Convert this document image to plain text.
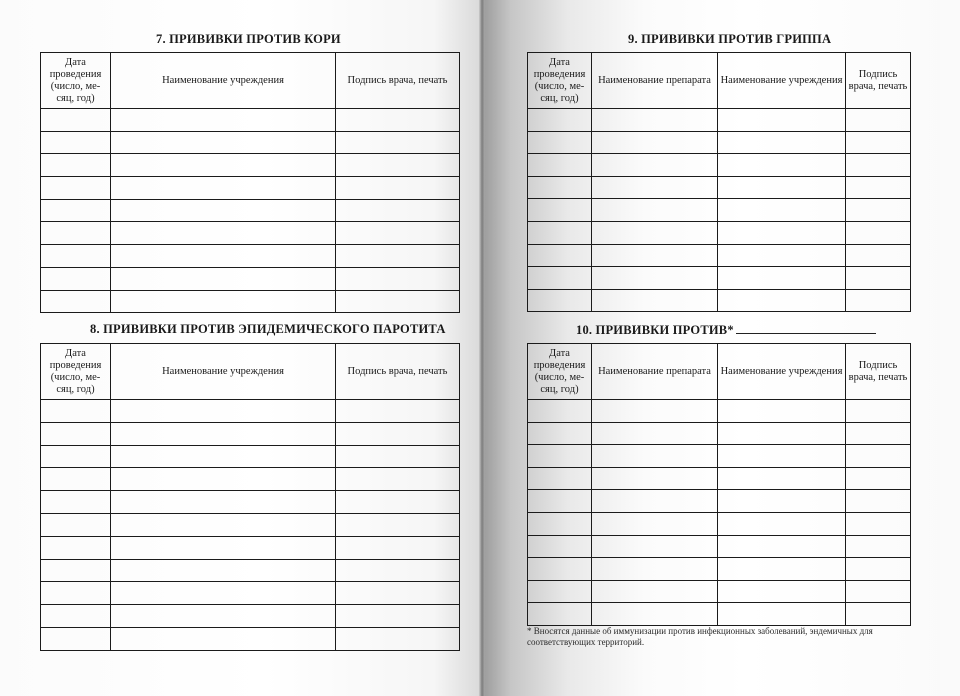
7. ПРИВИВКИ ПРОТИВ КОРИ
Дата проведения (число, ме-сяц, год)	Наименование учреждения	Подпись врача, печать

8. ПРИВИВКИ ПРОТИВ ЭПИДЕМИЧЕСКОГО ПАРОТИТА
Дата проведения (число, ме-сяц, год)	Наименование учреждения	Подпись врача, печать

9. ПРИВИВКИ ПРОТИВ ГРИППА
Дата проведения (число, ме-сяц, год)	Наименование препарата	Наименование учреждения	Подпись врача, печать

10. ПРИВИВКИ ПРОТИВ*
Дата проведения (число, ме-сяц, год)	Наименование препарата	Наименование учреждения	Подпись врача, печать

* Вносятся данные об иммунизации против инфекционных заболеваний, эндемичных для соответствующих территорий.
